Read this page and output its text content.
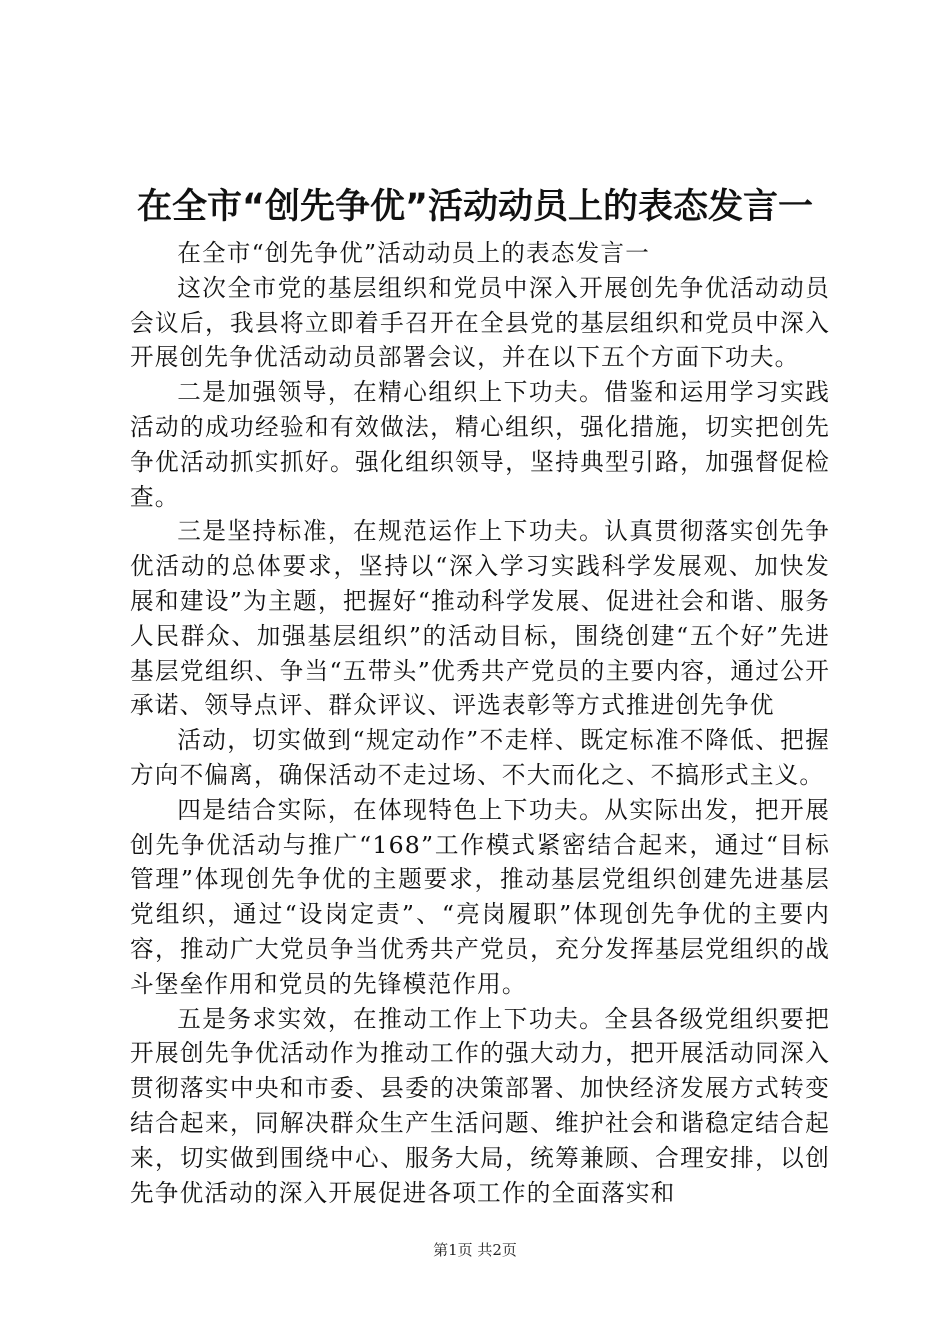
在全市“创先争优”活动动员上的表态发言一

在全市“创先争优”活动动员上的表态发言一

这次全市党的基层组织和党员中深入开展创先争优活动动员会议后，我县将立即着手召开在全县党的基层组织和党员中深入开展创先争优活动动员部署会议，并在以下五个方面下功夫。

二是加强领导，在精心组织上下功夫。借鉴和运用学习实践活动的成功经验和有效做法，精心组织，强化措施，切实把创先争优活动抓实抓好。强化组织领导，坚持典型引路，加强督促检查。

三是坚持标准，在规范运作上下功夫。认真贯彻落实创先争优活动的总体要求，坚持以“深入学习实践科学发展观、加快发展和建设”为主题，把握好“推动科学发展、促进社会和谐、服务人民群众、加强基层组织”的活动目标，围绕创建“五个好”先进基层党组织、争当“五带头”优秀共产党员的主要内容，通过公开承诺、领导点评、群众评议、评选表彰等方式推进创先争优

活动，切实做到“规定动作”不走样、既定标准不降低、把握方向不偏离，确保活动不走过场、不大而化之、不搞形式主义。

四是结合实际，在体现特色上下功夫。从实际出发，把开展创先争优活动与推广“168”工作模式紧密结合起来，通过“目标管理”体现创先争优的主题要求，推动基层党组织创建先进基层党组织，通过“设岗定责”、“亮岗履职”体现创先争优的主要内容，推动广大党员争当优秀共产党员，充分发挥基层党组织的战斗堡垒作用和党员的先锋模范作用。

五是务求实效，在推动工作上下功夫。全县各级党组织要把开展创先争优活动作为推动工作的强大动力，把开展活动同深入贯彻落实中央和市委、县委的决策部署、加快经济发展方式转变结合起来，同解决群众生产生活问题、维护社会和谐稳定结合起来，切实做到围绕中心、服务大局，统筹兼顾、合理安排，以创先争优活动的深入开展促进各项工作的全面落实和

第1页 共2页
